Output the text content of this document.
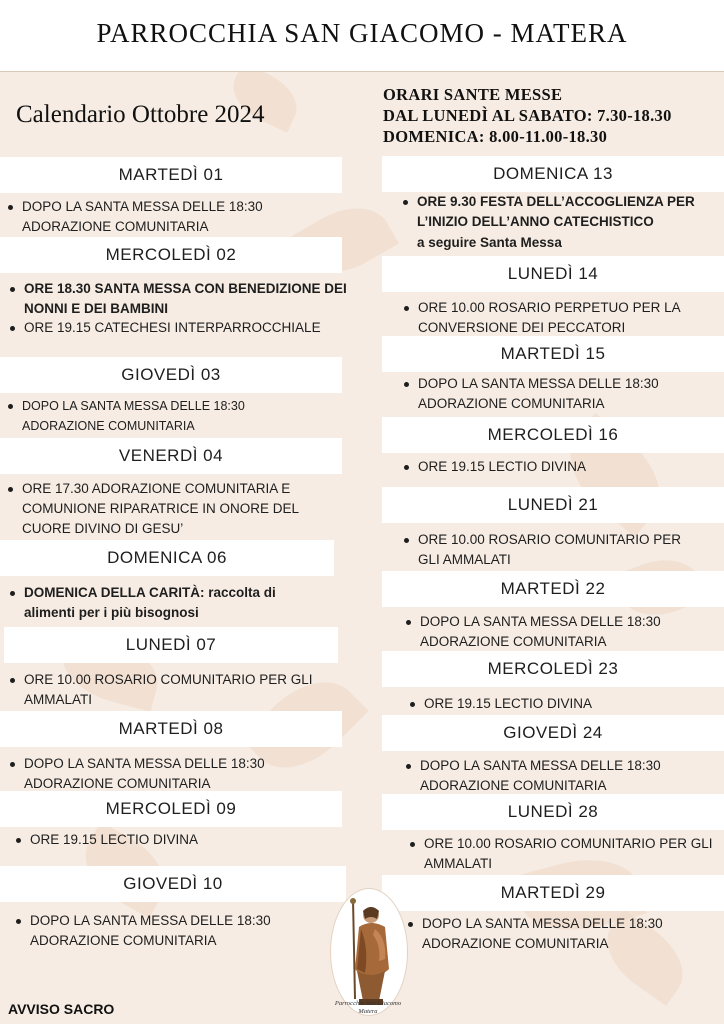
PARROCCHIA SAN GIACOMO - MATERA
Calendario Ottobre 2024
ORARI SANTE MESSE
DAL LUNEDÌ AL SABATO: 7.30-18.30
DOMENICA: 8.00-11.00-18.30
MARTEDÌ 01
DOPO LA SANTA MESSA DELLE 18:30 ADORAZIONE COMUNITARIA
MERCOLEDÌ 02
ORE 18.30 SANTA MESSA CON BENEDIZIONE DEI NONNI E DEI BAMBINI
ORE 19.15 CATECHESI INTERPARROCCHIALE
GIOVEDÌ 03
DOPO LA SANTA MESSA DELLE 18:30 ADORAZIONE COMUNITARIA
VENERDÌ 04
ORE 17.30 ADORAZIONE COMUNITARIA E COMUNIONE RIPARATRICE IN ONORE DEL CUORE DIVINO DI GESU’
DOMENICA 06
DOMENICA DELLA CARITÀ: raccolta di alimenti per i più bisognosi
LUNEDÌ 07
ORE 10.00 ROSARIO COMUNITARIO PER GLI AMMALATI
MARTEDÌ 08
DOPO LA SANTA MESSA DELLE 18:30 ADORAZIONE COMUNITARIA
MERCOLEDÌ 09
ORE 19.15 LECTIO DIVINA
GIOVEDÌ 10
DOPO LA SANTA MESSA DELLE 18:30 ADORAZIONE COMUNITARIA
DOMENICA 13
ORE 9.30 FESTA DELL’ACCOGLIENZA PER L’INIZIO DELL’ANNO CATECHISTICO
a seguire Santa Messa
LUNEDÌ 14
ORE 10.00 ROSARIO PERPETUO PER LA CONVERSIONE DEI PECCATORI
MARTEDÌ 15
DOPO LA SANTA MESSA DELLE 18:30 ADORAZIONE COMUNITARIA
MERCOLEDÌ 16
ORE 19.15 LECTIO DIVINA
LUNEDÌ 21
ORE 10.00 ROSARIO COMUNITARIO PER GLI AMMALATI
MARTEDÌ 22
DOPO LA SANTA MESSA DELLE 18:30 ADORAZIONE COMUNITARIA
MERCOLEDÌ 23
ORE 19.15 LECTIO DIVINA
GIOVEDÌ 24
DOPO LA SANTA MESSA DELLE 18:30 ADORAZIONE COMUNITARIA
LUNEDÌ 28
ORE 10.00 ROSARIO COMUNITARIO PER GLI AMMALATI
MARTEDÌ 29
DOPO LA SANTA MESSA DELLE 18:30 ADORAZIONE COMUNITARIA
Parrocchia San Giacomo
Matera
AVVISO SACRO
